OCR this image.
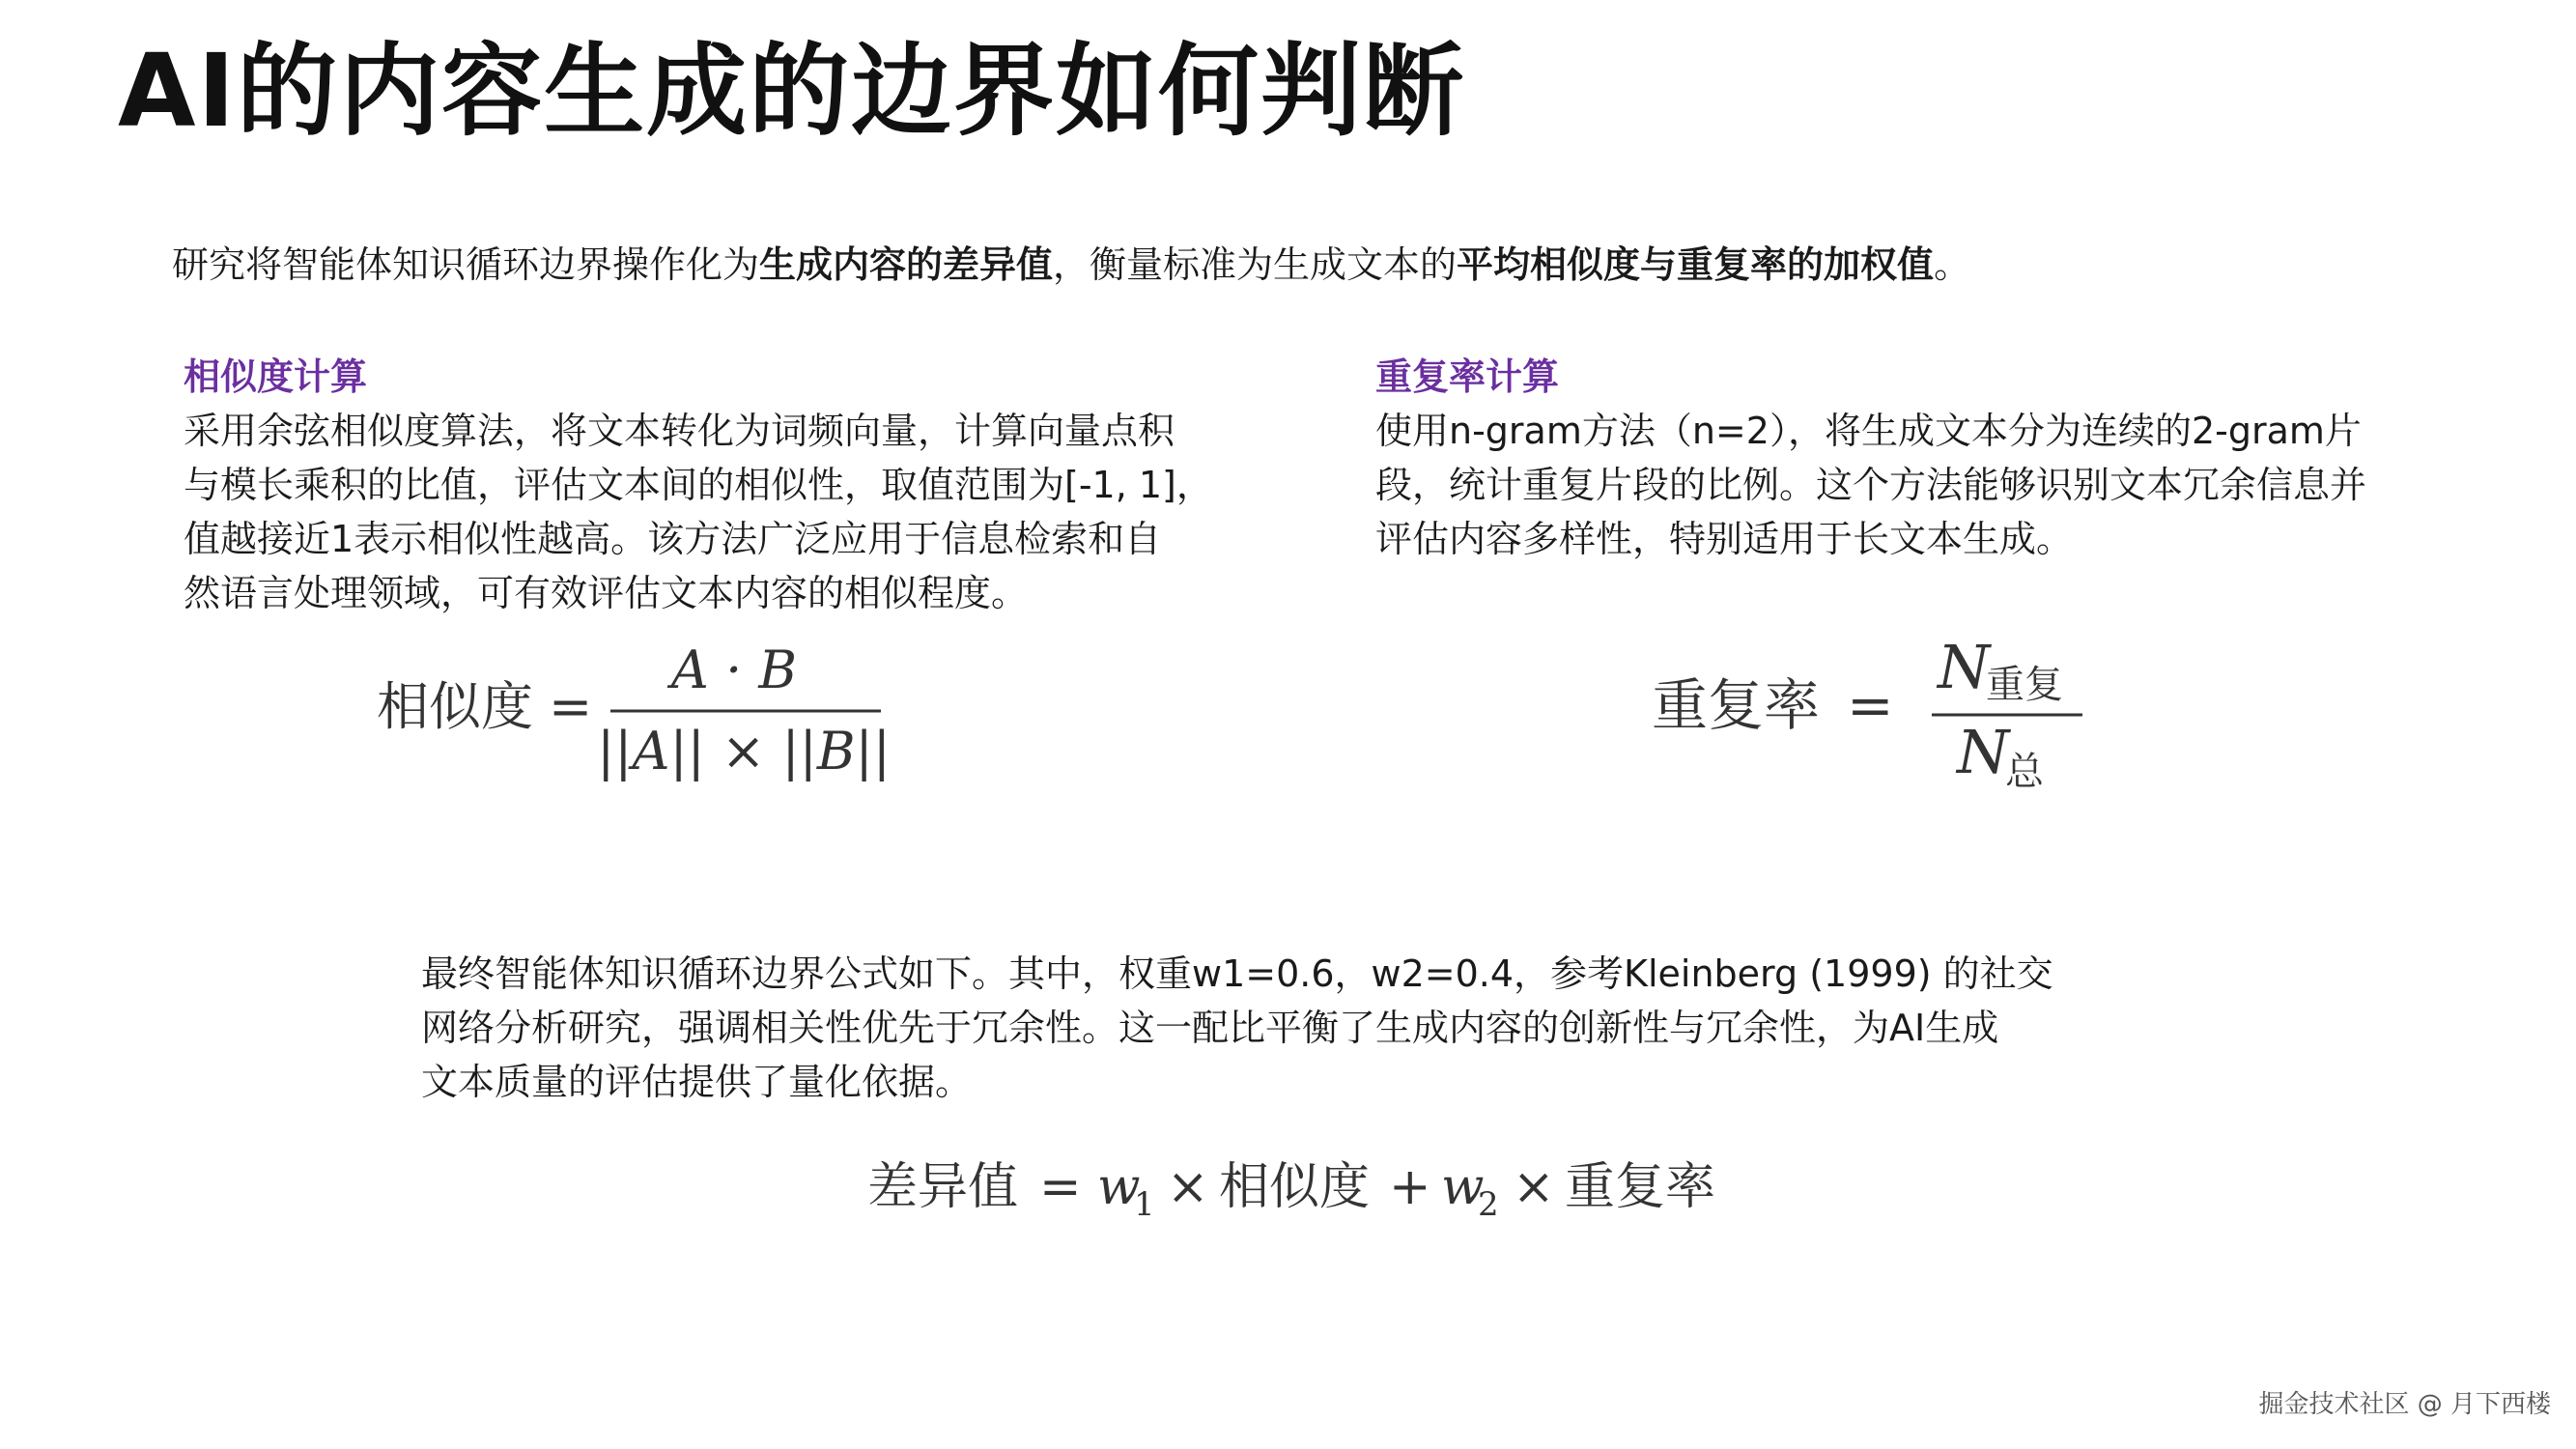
AI的内容生成的边界如何判断
研究将智能体知识循环边界操作化为生成内容的差异值，衡量标准为生成文本的平均相似度与重复率的加权值。
相似度计算
采用余弦相似度算法，将文本转化为词频向量，计算向量点积
与模长乘积的比值，评估文本间的相似性，取值范围为[-1, 1]，
值越接近1表示相似性越高。该方法广泛应用于信息检索和自
然语言处理领域，可有效评估文本内容的相似程度。
相似度 =
A · B
||A|| × ||B||
重复率计算
使用n-gram方法（n=2），将生成文本分为连续的2-gram片
段，统计重复片段的比例。这个方法能够识别文本冗余信息并
评估内容多样性，特别适用于长文本生成。
重复率 =
N
重复
N
总
最终智能体知识循环边界公式如下。其中，权重w1=0.6，w2=0.4，参考Kleinberg (1999) 的社交
网络分析研究，强调相关性优先于冗余性。这一配比平衡了生成内容的创新性与冗余性，为AI生成
文本质量的评估提供了量化依据。
差异值 = w
1 × 相似度 + w
2 × 重复率
掘金技术社区 @ 月下西楼
